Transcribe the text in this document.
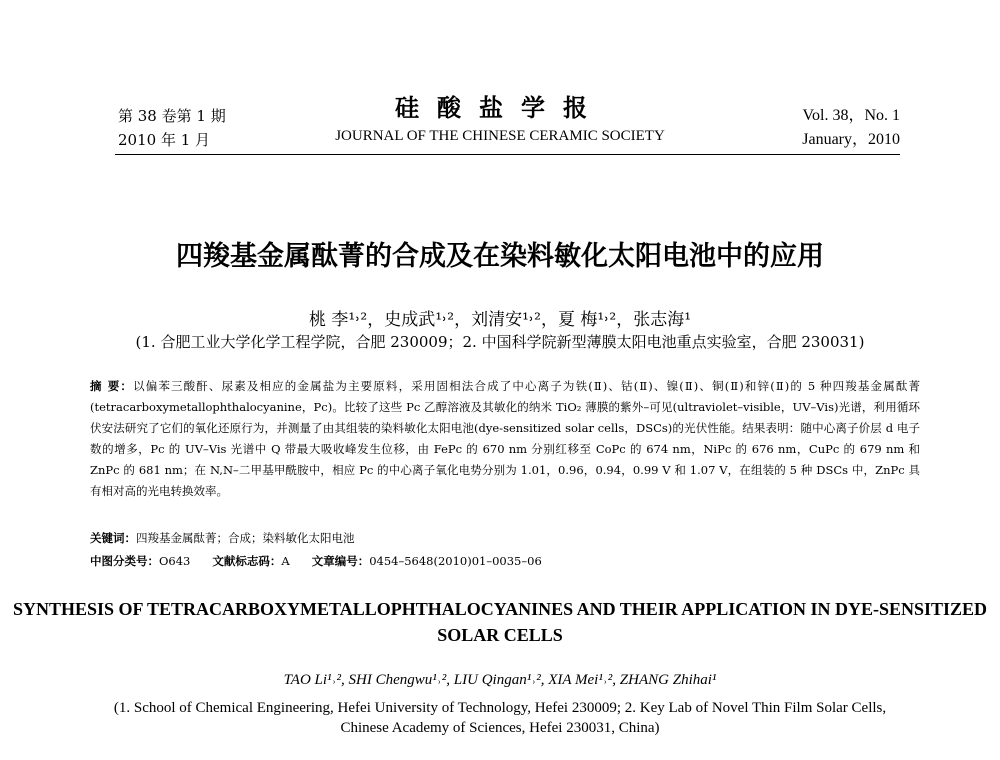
第 38 卷第 1 期
2010 年 1 月
硅酸盐学报
JOURNAL OF THE CHINESE CERAMIC SOCIETY
Vol. 38，No. 1
January，2010
四羧基金属酞菁的合成及在染料敏化太阳电池中的应用
桃 李¹˒²，史成武¹˒²，刘清安¹˒²，夏 梅¹˒²，张志海¹
(1. 合肥工业大学化学工程学院，合肥 230009；2. 中国科学院新型薄膜太阳电池重点实验室，合肥 230031)
摘 要：以偏苯三酸酐、尿素及相应的金属盐为主要原料，采用固相法合成了中心离子为铁(Ⅱ)、钴(Ⅱ)、镍(Ⅱ)、铜(Ⅱ)和锌(Ⅱ)的 5 种四羧基金属酞菁(tetracarboxymetallophthalocyanine，Pc)。比较了这些 Pc 乙醇溶液及其敏化的纳米 TiO₂ 薄膜的紫外–可见(ultraviolet–visible，UV–Vis)光谱，利用循环伏安法研究了它们的氧化还原行为，并测量了由其组装的染料敏化太阳电池(dye-sensitized solar cells，DSCs)的光伏性能。结果表明：随中心离子价层 d 电子数的增多，Pc 的 UV–Vis 光谱中 Q 带最大吸收峰发生位移，由 FePc 的 670 nm 分别红移至 CoPc 的 674 nm，NiPc 的 676 nm，CuPc 的 679 nm 和 ZnPc 的 681 nm；在 N,N–二甲基甲酰胺中，相应 Pc 的中心离子氧化电势分别为 1.01，0.96，0.94，0.99 V 和 1.07 V，在组装的 5 种 DSCs 中，ZnPc 具有相对高的光电转换效率。
关键词：四羧基金属酞菁；合成；染料敏化太阳电池
中图分类号：O643 文献标志码：A 文章编号：0454–5648(2010)01–0035–06
SYNTHESIS OF TETRACARBOXYMETALLOPHTHALOCYANINES AND THEIR APPLICATION IN DYE-SENSITIZED SOLAR CELLS
TAO Li¹˒², SHI Chengwu¹˒², LIU Qingan¹˒², XIA Mei¹˒², ZHANG Zhihai¹
(1. School of Chemical Engineering, Hefei University of Technology, Hefei 230009; 2. Key Lab of Novel Thin Film Solar Cells, Chinese Academy of Sciences, Hefei 230031, China)
